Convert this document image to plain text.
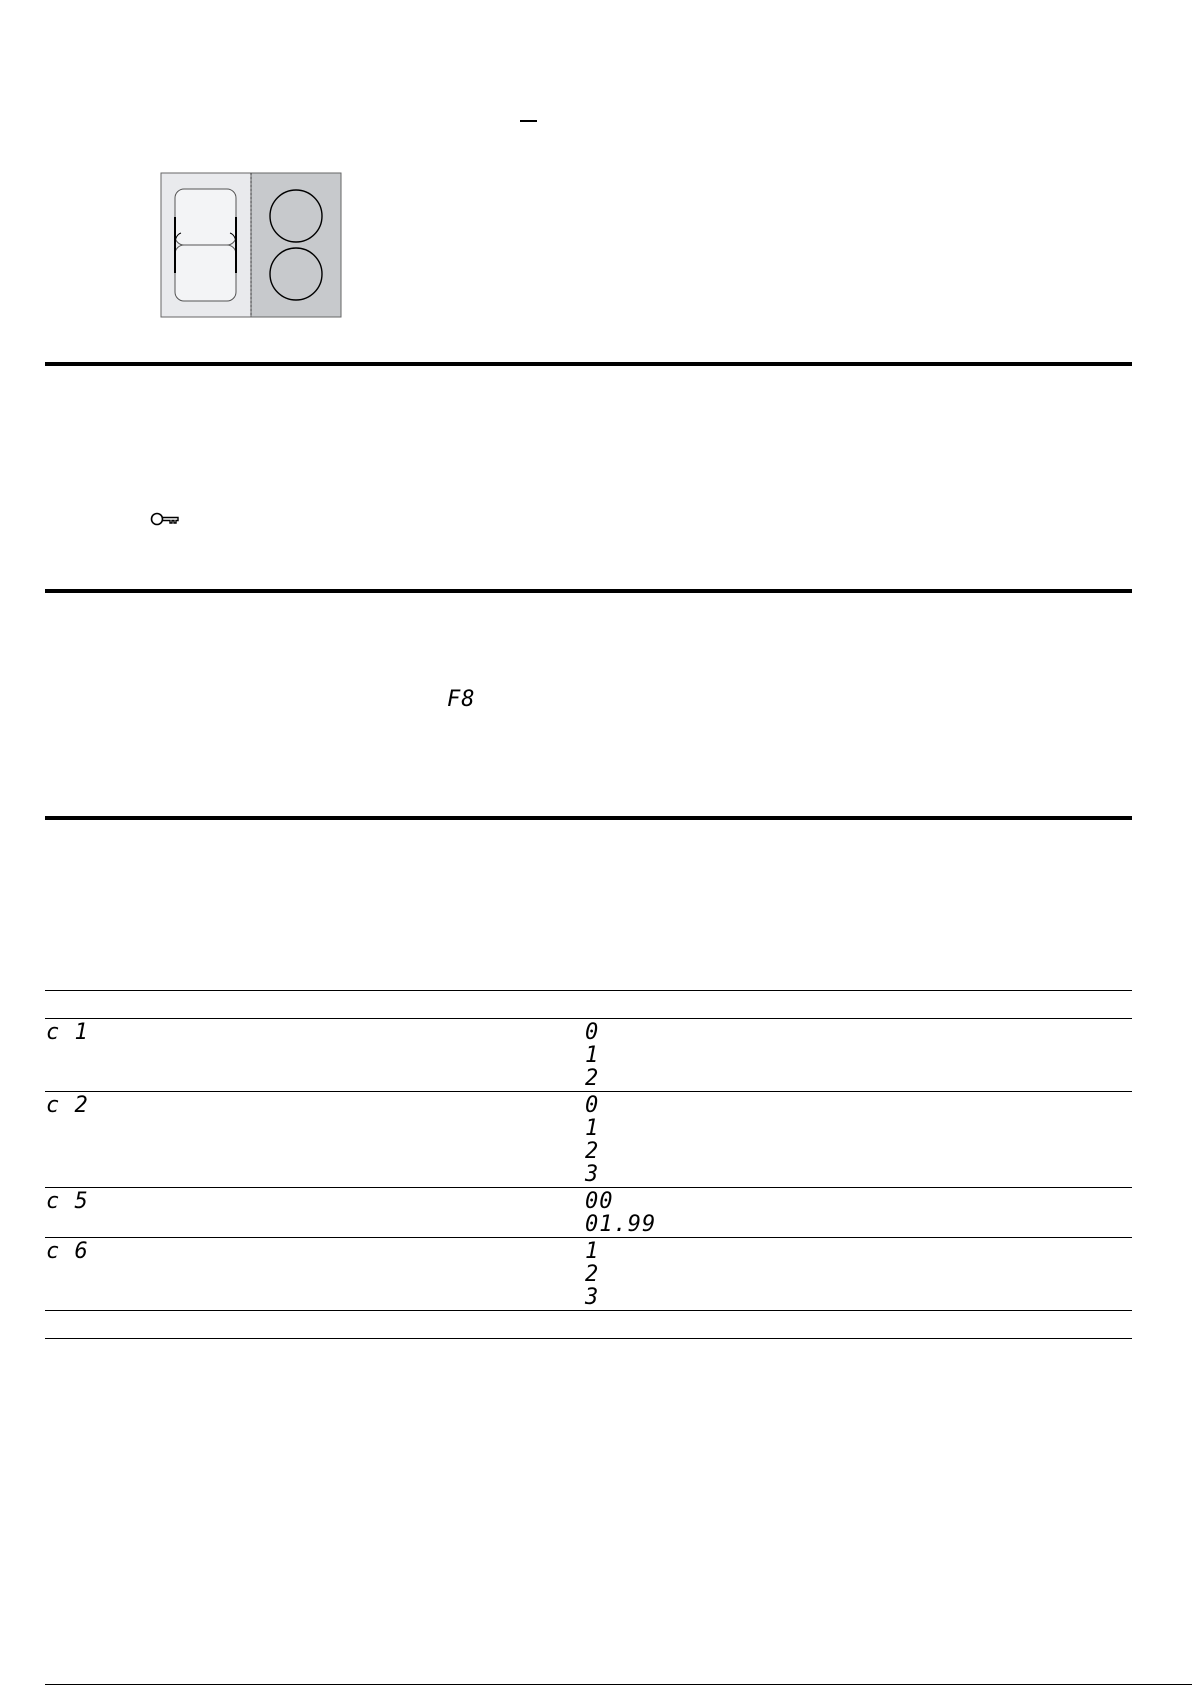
F8
c 1	0
1
2
c 2	0
1
2
3
c 5	00
01.99
c 6	1
2
3
